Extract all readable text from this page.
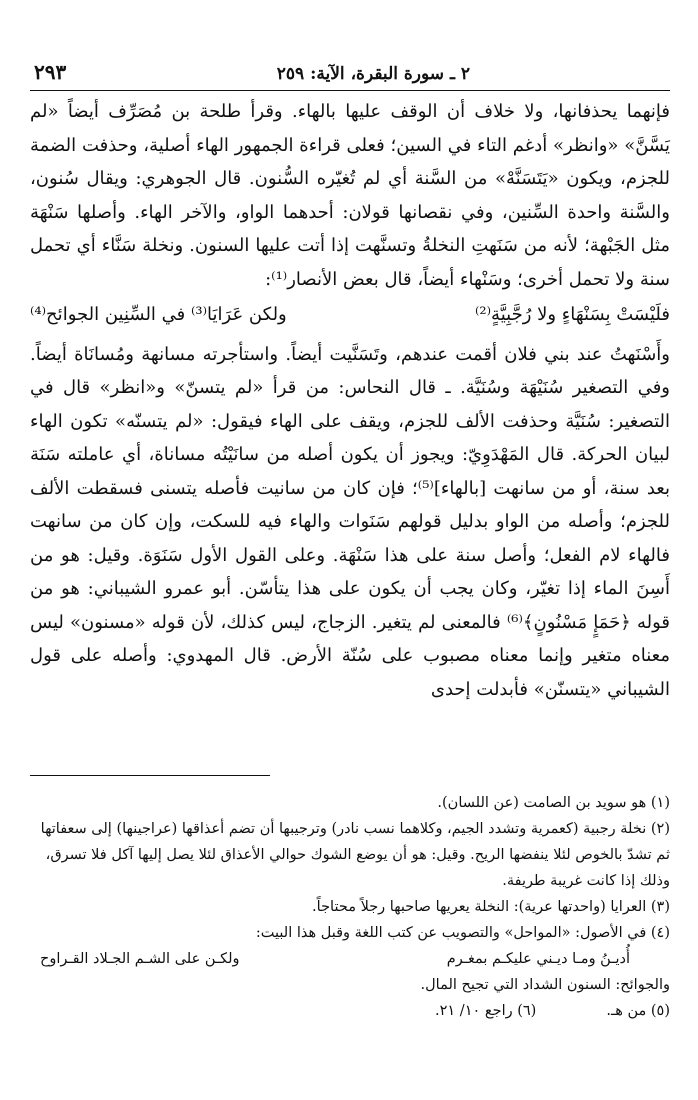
٢ ـ سورة البقرة، الآية: ٢٥٩
٢٩٣

فإنهما يحذفانها، ولا خلاف أن الوقف عليها بالهاء. وقرأ طلحة بن مُصَرِّف أيضاً «لم يَسَّنَّ» «وانظر» أدغم التاء في السين؛ فعلى قراءة الجمهور الهاء أصلية، وحذفت الضمة للجزم، ويكون «يَتَسَنَّهْ» من السَّنة أي لم تُغيّره السُّنون. قال الجوهري: ويقال سُنون، والسَّنة واحدة السِّنين، وفي نقصانها قولان: أحدهما الواو، والآخر الهاء. وأصلها سَنْهَة مثل الجَبْهة؛ لأنه من سَنَهتِ النخلةُ وتسنَّهت إذا أتت عليها السنون. ونخلة سَنَّاء أي تحمل سنة ولا تحمل أخرى؛ وسَنْهاء أيضاً، قال بعض الأنصار⁽¹⁾:

فلَيْسَتْ بِسَنْهَاءٍ ولا رُجَّبِيَّةٍ⁽²⁾
ولكن عَرَايَا⁽³⁾ في السِّنِين الجوائح⁽⁴⁾

وأَسْنَهتُ عند بني فلان أقمت عندهم، وتَسَنَّيت أيضاً. واستأجرته مسانهة ومُسانَاة أيضاً. وفي التصغير سُنَيْهَة وسُنَيَّة. ـ قال النحاس: من قرأ «لم يتسنّ» و«انظر» قال في التصغير: سُنَيَّة وحذفت الألف للجزم، ويقف على الهاء فيقول: «لم يتسنّه» تكون الهاء لبيان الحركة. قال المَهْدَوِيّ: ويجوز أن يكون أصله من سانَيْتُه مساناة، أي عاملته سَنَة بعد سنة، أو من سانهت [بالهاء]⁽⁵⁾؛ فإن كان من سانيت فأصله يتسنى فسقطت الألف للجزم؛ وأصله من الواو بدليل قولهم سَنَوات والهاء فيه للسكت، وإن كان من سانهت فالهاء لام الفعل؛ وأصل سنة على هذا سَنْهَة. وعلى القول الأول سَنَوَة. وقيل: هو من أَسِنَ الماء إذا تغيّر، وكان يجب أن يكون على هذا يتأسّن. أبو عمرو الشيباني: هو من قوله ﴿حَمَإٍ مَسْنُونٍ﴾⁽⁶⁾ فالمعنى لم يتغير. الزجاج، ليس كذلك، لأن قوله «مسنون» ليس معناه متغير وإنما معناه مصبوب على سُنّة الأرض. قال المهدوي: وأصله على قول الشيباني «يتسنّن» فأبدلت إحدى

(١) هو سويد بن الصامت (عن اللسان).

(٢) نخلة رجبية (كعمرية وتشدد الجيم، وكلاهما نسب نادر) وترجيبها أن تضم أعذاقها (عراجينها) إلى سعفاتها ثم تشدّ بالخوص لئلا ينفضها الريح. وقيل: هو أن يوضع الشوك حوالي الأعذاق لئلا يصل إليها آكل فلا تسرق، وذلك إذا كانت غريبة طريفة.

(٣) العرايا (واحدتها عرية): النخلة يعريها صاحبها رجلاً محتاجاً.

(٤) في الأصول: «المواحل» والتصويب عن كتب اللغة وقبل هذا البيت:

أُديـنُ ومـا ديـني عليكـم بمغـرم
ولكـن على الشـم الجـلاد القـراوح

والجوائح: السنون الشداد التي تجيح المال.

(٥) من هـ.
(٦) راجع ١٠/ ٢١.
